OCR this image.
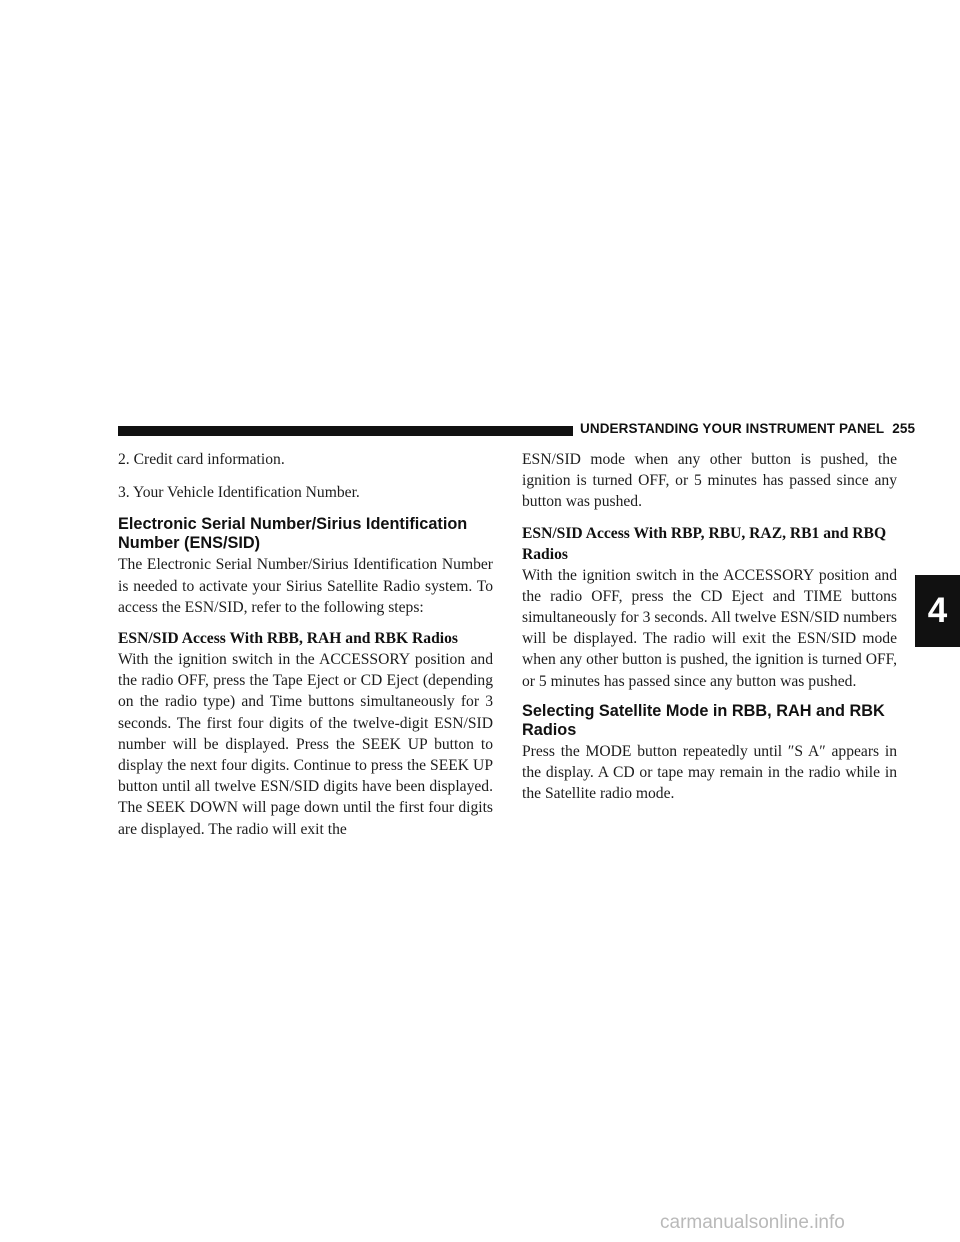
UNDERSTANDING YOUR INSTRUMENT PANEL 255
4

2. Credit card information.

3. Your Vehicle Identification Number.

Electronic Serial Number/Sirius Identification Number (ENS/SID)

The Electronic Serial Number/Sirius Identification Number is needed to activate your Sirius Satellite Radio system. To access the ESN/SID, refer to the following steps:

ESN/SID Access With RBB, RAH and RBK Radios

With the ignition switch in the ACCESSORY position and the radio OFF, press the Tape Eject or CD Eject (depending on the radio type) and Time buttons simultaneously for 3 seconds. The first four digits of the twelve-digit ESN/SID number will be displayed. Press the SEEK UP button to display the next four digits. Continue to press the SEEK UP button until all twelve ESN/SID digits have been displayed. The SEEK DOWN will page down until the first four digits are displayed. The radio will exit the

ESN/SID mode when any other button is pushed, the ignition is turned OFF, or 5 minutes has passed since any button was pushed.

ESN/SID Access With RBP, RBU, RAZ, RB1 and RBQ Radios

With the ignition switch in the ACCESSORY position and the radio OFF, press the CD Eject and TIME buttons simultaneously for 3 seconds. All twelve ESN/SID numbers will be displayed. The radio will exit the ESN/SID mode when any other button is pushed, the ignition is turned OFF, or 5 minutes has passed since any button was pushed.

Selecting Satellite Mode in RBB, RAH and RBK Radios

Press the MODE button repeatedly until ″S A″ appears in the display. A CD or tape may remain in the radio while in the Satellite radio mode.

carmanualsonline.info
